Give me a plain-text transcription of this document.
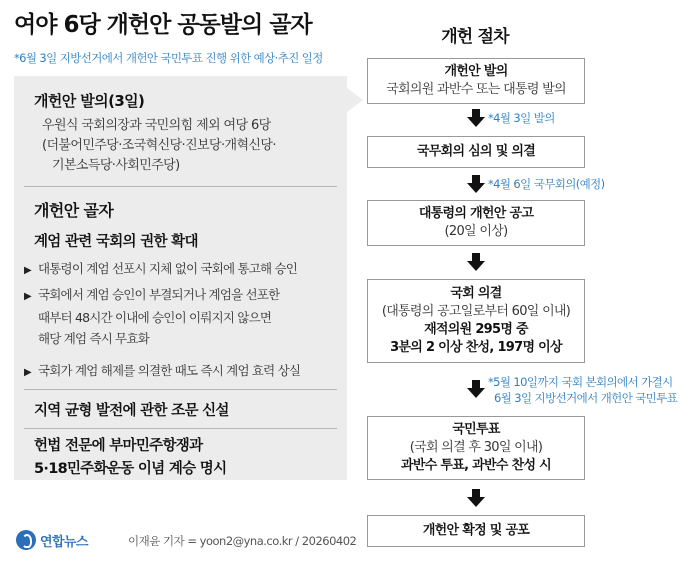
여야 6당 개헌안 공동발의 골자
*6월 3일 지방선거에서 개헌안 국민투표 진행 위한 예상·추진 일정
개헌안 발의(3일)
우원식 국회의장과 국민의힘 제외 여당 6당
(더불어민주당·조국혁신당·진보당·개혁신당·
기본소득당·사회민주당)
개헌안 골자
계엄 관련 국회의 권한 확대
▶ 대통령이 계엄 선포시 지체 없이 국회에 통고해 승인
▶ 국회에서 계엄 승인이 부결되거나 계엄을 선포한
때부터 48시간 이내에 승인이 이뤄지지 않으면
해당 계엄 즉시 무효화
▶ 국회가 계엄 해제를 의결한 때도 즉시 계엄 효력 상실
지역 균형 발전에 관한 조문 신설
헌법 전문에 부마민주항쟁과
5·18민주화운동 이념 계승 명시
개헌 절차
개헌안 발의
국회의원 과반수 또는 대통령 발의
*4월 3일 발의
국무회의 심의 및 의결
*4월 6일 국무회의(예정)
대통령의 개헌안 공고
(20일 이상)
국회 의결
(대통령의 공고일로부터 60일 이내)
재적의원 295명 중
3분의 2 이상 찬성, 197명 이상
*5월 10일까지 국회 본회의에서 가결시
6월 3일 지방선거에서 개헌안 국민투표
국민투표
(국회 의결 후 30일 이내)
과반수 투표, 과반수 찬성 시
개헌안 확정 및 공포
연합뉴스	이재윤 기자 = yoon2@yna.co.kr / 20260402
